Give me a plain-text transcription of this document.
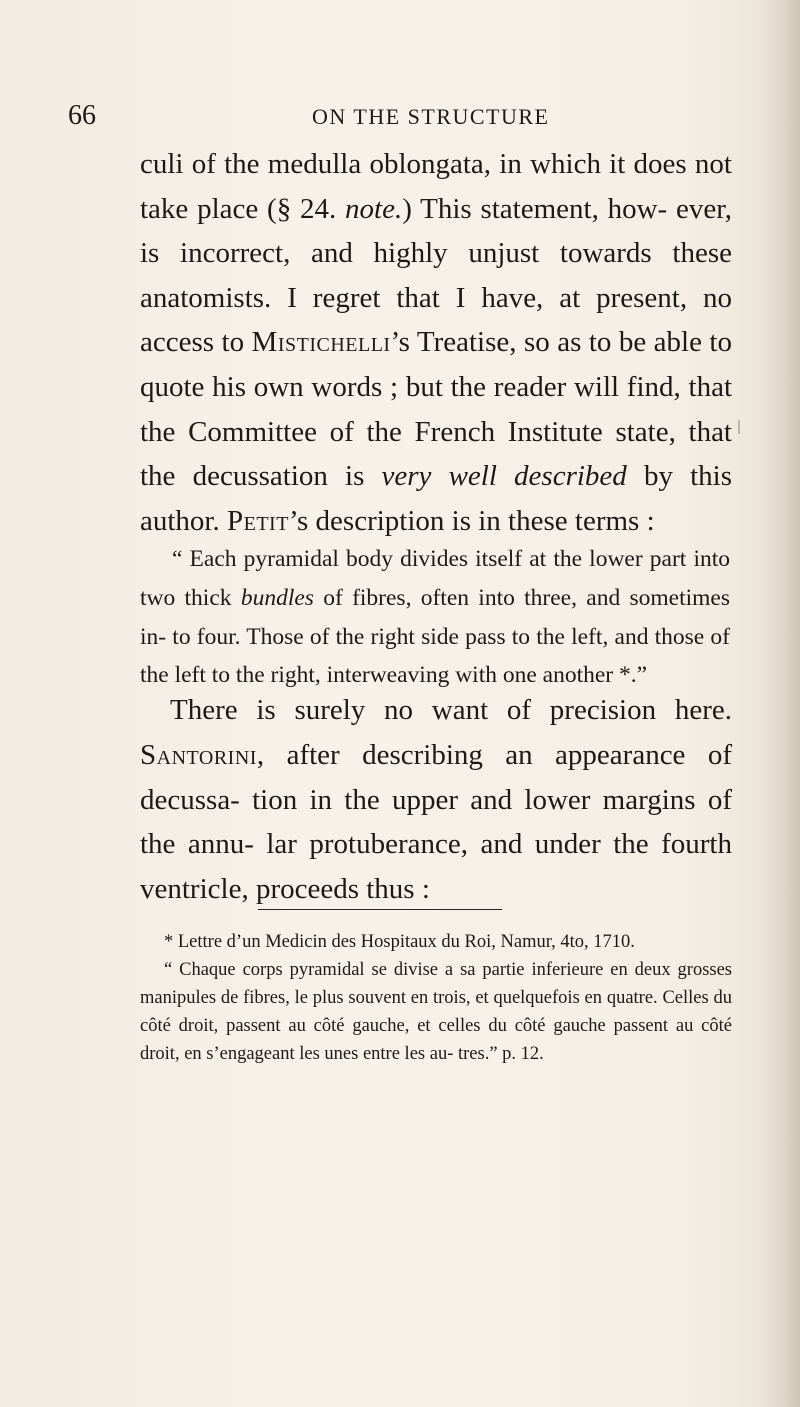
66	ON THE STRUCTURE

culi of the medulla oblongata, in which it does not take place (§ 24. note.) This statement, how- ever, is incorrect, and highly unjust towards these anatomists. I regret that I have, at present, no access to Mistichelli’s Treatise, so as to be able to quote his own words ; but the reader will find, that the Committee of the French Institute state, that the decussation is very well described by this author. Petit’s description is in these terms :

“ Each pyramidal body divides itself at the lower part into two thick bundles of fibres, often into three, and sometimes in- to four. Those of the right side pass to the left, and those of the left to the right, interweaving with one another *.”

There is surely no want of precision here. Santorini, after describing an appearance of decussa- tion in the upper and lower margins of the annu- lar protuberance, and under the fourth ventricle, proceeds thus :

* Lettre d’un Medicin des Hospitaux du Roi, Namur, 4to, 1710.

“ Chaque corps pyramidal se divise a sa partie inferieure en deux grosses manipules de fibres, le plus souvent en trois, et quelquefois en quatre. Celles du côté droit, passent au côté gauche, et celles du côté gauche passent au côté droit, en s’engageant les unes entre les au- tres.” p. 12.
